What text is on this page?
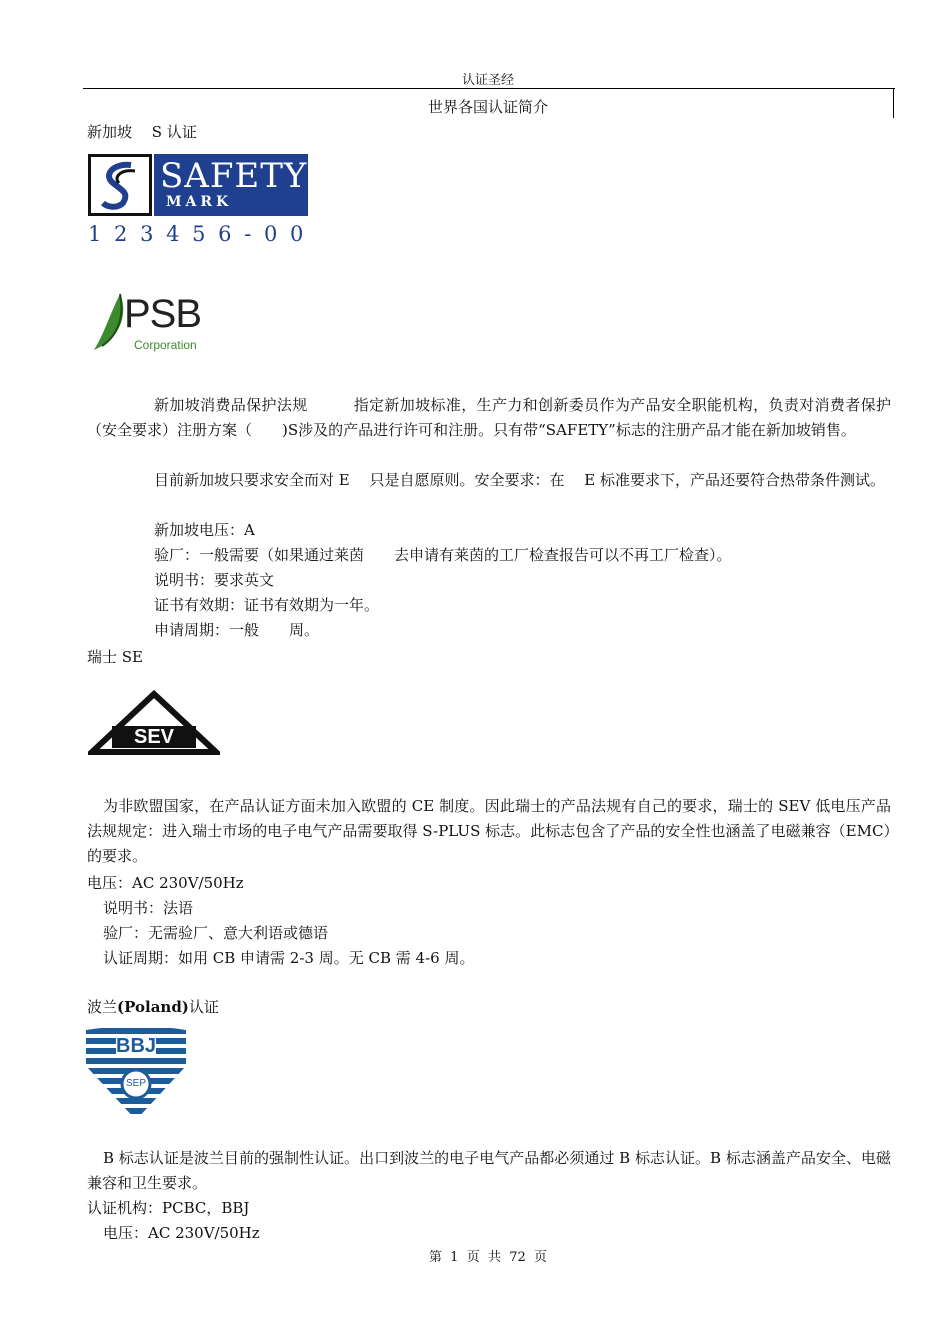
认证圣经
世界各国认证简介
新加坡　 S 认证
SAFETY
MARK
1 2 3 4 5 6 - 0 0
PSB
Corporation
新加坡消费品保护法规　　　指定新加坡标准，生产力和创新委员作为产品安全职能机构，负责对消费者保护（安全要求）注册方案（　　)S涉及的产品进行许可和注册。只有带“SAFETY”标志的注册产品才能在新加坡销售。
目前新加坡只要求安全而对 E　 只是自愿原则。安全要求：在　 E 标准要求下，产品还要符合热带条件测试。
新加坡电压：A
验厂：一般需要（如果通过莱茵　　去申请有莱茵的工厂检查报告可以不再工厂检查）。
说明书：要求英文
证书有效期：证书有效期为一年。
申请周期：一般　　周。
瑞士 SE
SEV
为非欧盟国家，在产品认证方面未加入欧盟的 CE 制度。因此瑞士的产品法规有自己的要求，瑞士的 SEV 低电压产品法规规定：进入瑞士市场的电子电气产品需要取得 S-PLUS 标志。此标志包含了产品的安全性也涵盖了电磁兼容（EMC）的要求。
电压：AC 230V/50Hz
说明书：法语
验厂：无需验厂、意大利语或德语
认证周期：如用 CB 申请需 2-3 周。无 CB 需 4-6 周。
波兰(Poland)认证
BBJ
SEP
B 标志认证是波兰目前的强制性认证。出口到波兰的电子电气产品都必须通过 B 标志认证。B 标志涵盖产品安全、电磁兼容和卫生要求。
认证机构：PCBC，BBJ
电压：AC 230V/50Hz
第  1  页  共  72  页
